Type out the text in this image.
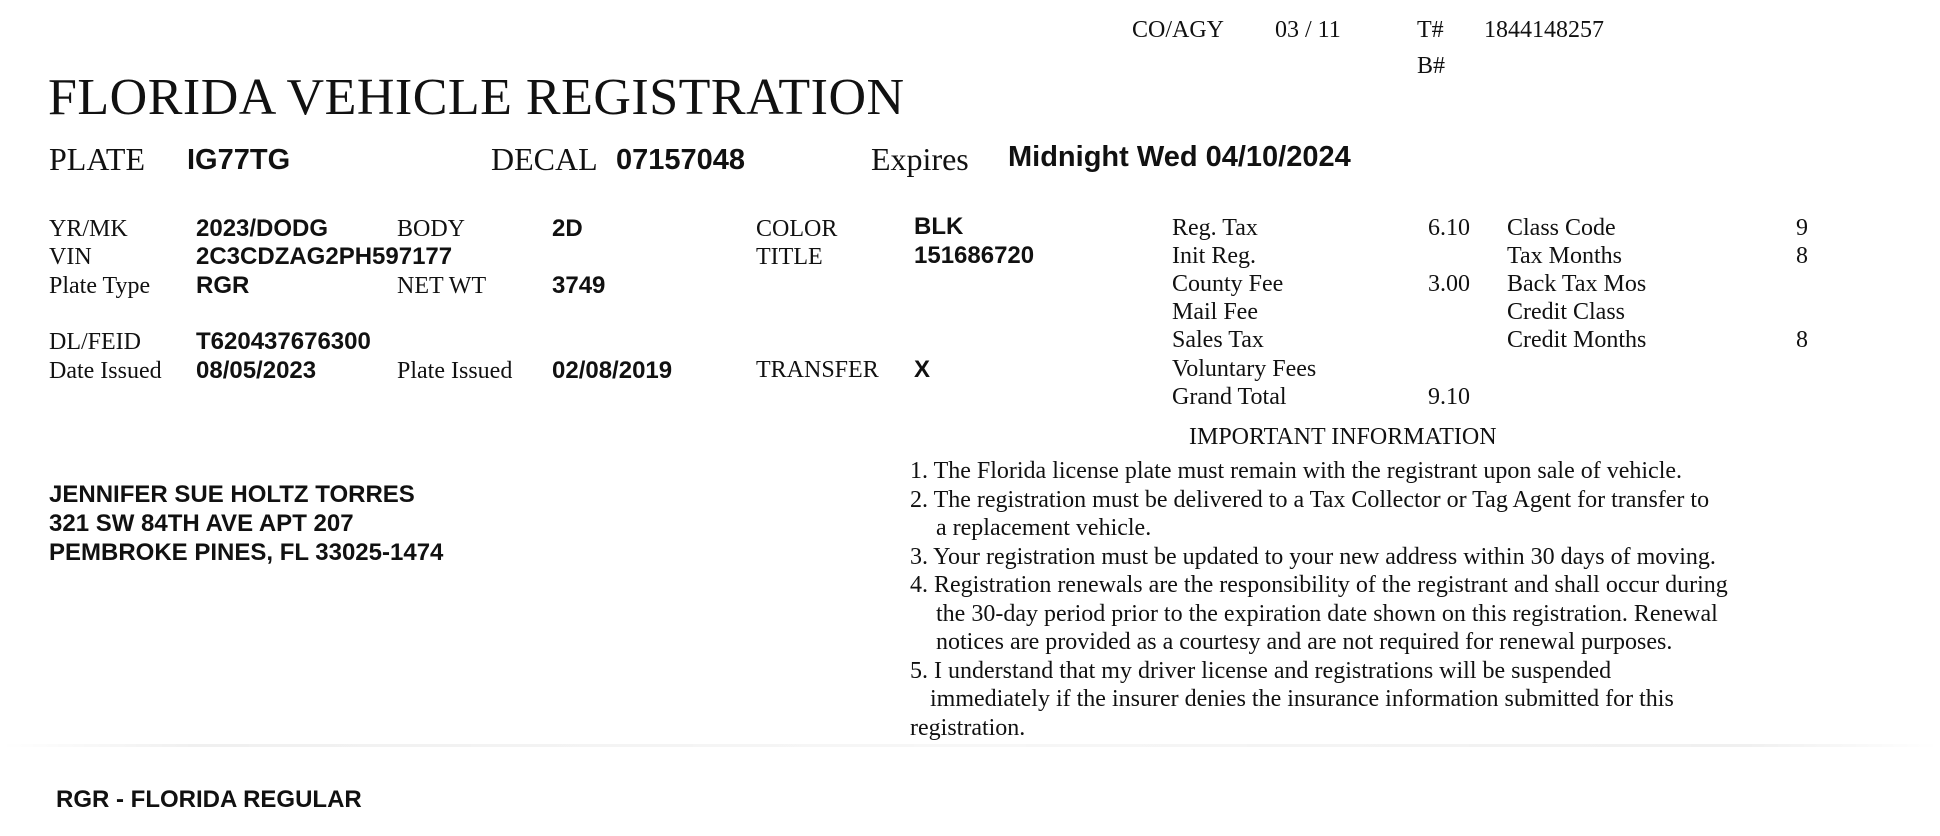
CO/AGY 03 / 11	T# 1844148257
B#
FLORIDA VEHICLE REGISTRATION
PLATE IG77TG	DECAL 07157048	Expires Midnight Wed 04/10/2024
YR/MK	2023/DODG	BODY	2D	COLOR	BLK
VIN	2C3CDZAG2PH597177	TITLE	151686720
Plate Type RGR	NET WT	3749
DL/FEID T620437676300
Date Issued 08/05/2023	Plate Issued 02/08/2019	TRANSFER X
Reg. Tax	6.10
Init Reg.
County Fee	3.00
Mail Fee
Sales Tax
Voluntary Fees
Grand Total	9.10
Class Code	9
Tax Months	8
Back Tax Mos
Credit Class
Credit Months	8
JENNIFER SUE HOLTZ TORRES
321 SW 84TH AVE APT 207
PEMBROKE PINES, FL 33025-1474
IMPORTANT INFORMATION
1. The Florida license plate must remain with the registrant upon sale of vehicle.
2. The registration must be delivered to a Tax Collector or Tag Agent for transfer to
a replacement vehicle.
3. Your registration must be updated to your new address within 30 days of moving.
4. Registration renewals are the responsibility of the registrant and shall occur during
the 30-day period prior to the expiration date shown on this registration. Renewal
notices are provided as a courtesy and are not required for renewal purposes.
5. I understand that my driver license and registrations will be suspended
immediately if the insurer denies the insurance information submitted for this
registration.
RGR - FLORIDA REGULAR
